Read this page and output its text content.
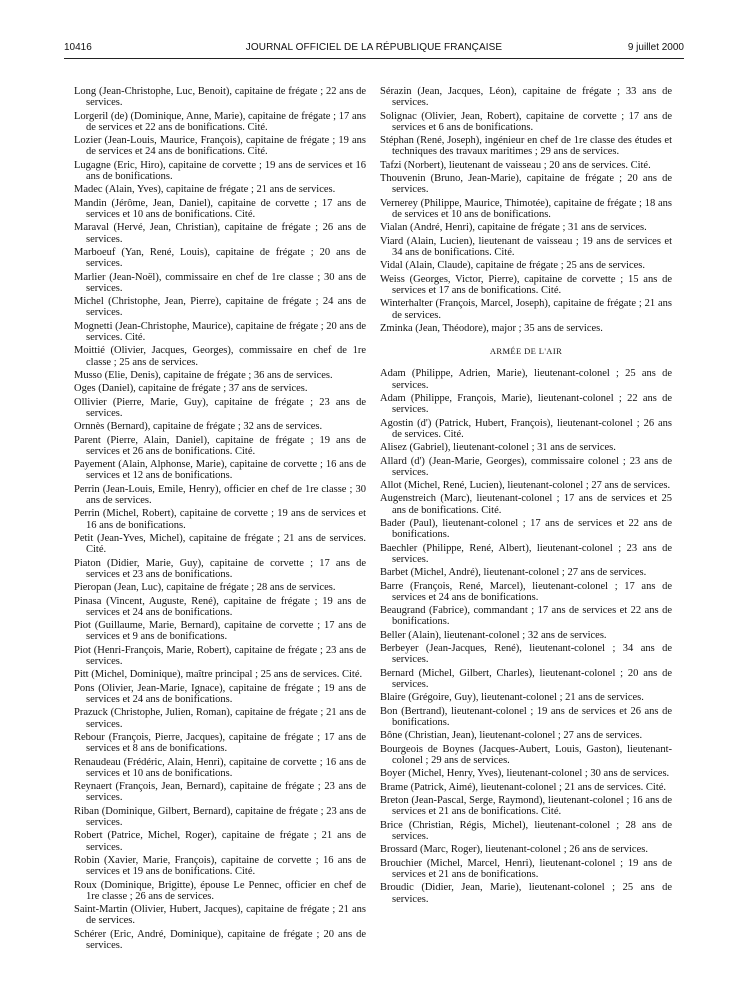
10416	JOURNAL OFFICIEL DE LA RÉPUBLIQUE FRANÇAISE	9 juillet 2000

Long (Jean-Christophe, Luc, Benoit), capitaine de frégate ; 22 ans de services.

Lorgeril (de) (Dominique, Anne, Marie), capitaine de frégate ; 17 ans de services et 22 ans de bonifications. Cité.

Lozier (Jean-Louis, Maurice, François), capitaine de frégate ; 19 ans de services et 24 ans de bonifications. Cité.

Lugagne (Eric, Hiro), capitaine de corvette ; 19 ans de services et 16 ans de bonifications.

Madec (Alain, Yves), capitaine de frégate ; 21 ans de services.

Mandin (Jérôme, Jean, Daniel), capitaine de corvette ; 17 ans de services et 10 ans de bonifications. Cité.

Maraval (Hervé, Jean, Christian), capitaine de frégate ; 26 ans de services.

Marboeuf (Yan, René, Louis), capitaine de frégate ; 20 ans de services.

Marlier (Jean-Noël), commissaire en chef de 1re classe ; 30 ans de services.

Michel (Christophe, Jean, Pierre), capitaine de frégate ; 24 ans de services.

Mognetti (Jean-Christophe, Maurice), capitaine de frégate ; 20 ans de services. Cité.

Moittié (Olivier, Jacques, Georges), commissaire en chef de 1re classe ; 25 ans de services.

Musso (Elie, Denis), capitaine de frégate ; 36 ans de services.

Oges (Daniel), capitaine de frégate ; 37 ans de services.

Ollivier (Pierre, Marie, Guy), capitaine de frégate ; 23 ans de services.

Ornnès (Bernard), capitaine de frégate ; 32 ans de services.

Parent (Pierre, Alain, Daniel), capitaine de frégate ; 19 ans de services et 26 ans de bonifications. Cité.

Payement (Alain, Alphonse, Marie), capitaine de corvette ; 16 ans de services et 12 ans de bonifications.

Perrin (Jean-Louis, Emile, Henry), officier en chef de 1re classe ; 30 ans de services.

Perrin (Michel, Robert), capitaine de corvette ; 19 ans de services et 16 ans de bonifications.

Petit (Jean-Yves, Michel), capitaine de frégate ; 21 ans de services. Cité.

Piaton (Didier, Marie, Guy), capitaine de corvette ; 17 ans de services et 23 ans de bonifications.

Pieropan (Jean, Luc), capitaine de frégate ; 28 ans de services.

Pinasa (Vincent, Auguste, René), capitaine de frégate ; 19 ans de services et 24 ans de bonifications.

Piot (Guillaume, Marie, Bernard), capitaine de corvette ; 17 ans de services et 9 ans de bonifications.

Piot (Henri-François, Marie, Robert), capitaine de frégate ; 23 ans de services.

Pitt (Michel, Dominique), maître principal ; 25 ans de services. Cité.

Pons (Olivier, Jean-Marie, Ignace), capitaine de frégate ; 19 ans de services et 24 ans de bonifications.

Prazuck (Christophe, Julien, Roman), capitaine de frégate ; 21 ans de services.

Rebour (François, Pierre, Jacques), capitaine de frégate ; 17 ans de services et 8 ans de bonifications.

Renaudeau (Frédéric, Alain, Henri), capitaine de corvette ; 16 ans de services et 10 ans de bonifications.

Reynaert (François, Jean, Bernard), capitaine de frégate ; 23 ans de services.

Riban (Dominique, Gilbert, Bernard), capitaine de frégate ; 23 ans de services.

Robert (Patrice, Michel, Roger), capitaine de frégate ; 21 ans de services.

Robin (Xavier, Marie, François), capitaine de corvette ; 16 ans de services et 19 ans de bonifications. Cité.

Roux (Dominique, Brigitte), épouse Le Pennec, officier en chef de 1re classe ; 26 ans de services.

Saint-Martin (Olivier, Hubert, Jacques), capitaine de frégate ; 21 ans de services.

Schérer (Eric, André, Dominique), capitaine de frégate ; 20 ans de services.

Sérazin (Jean, Jacques, Léon), capitaine de frégate ; 33 ans de services.

Solignac (Olivier, Jean, Robert), capitaine de corvette ; 17 ans de services et 6 ans de bonifications.

Stéphan (René, Joseph), ingénieur en chef de 1re classe des études et techniques des travaux maritimes ; 29 ans de services.

Tafzi (Norbert), lieutenant de vaisseau ; 20 ans de services. Cité.

Thouvenin (Bruno, Jean-Marie), capitaine de frégate ; 20 ans de services.

Vernerey (Philippe, Maurice, Thimotée), capitaine de frégate ; 18 ans de services et 10 ans de bonifications.

Vialan (André, Henri), capitaine de frégate ; 31 ans de services.

Viard (Alain, Lucien), lieutenant de vaisseau ; 19 ans de services et 34 ans de bonifications. Cité.

Vidal (Alain, Claude), capitaine de frégate ; 25 ans de services.

Weiss (Georges, Victor, Pierre), capitaine de corvette ; 15 ans de services et 17 ans de bonifications. Cité.

Winterhalter (François, Marcel, Joseph), capitaine de frégate ; 21 ans de services.

Zminka (Jean, Théodore), major ; 35 ans de services.

ARMÉE DE L'AIR

Adam (Philippe, Adrien, Marie), lieutenant-colonel ; 25 ans de services.

Adam (Philippe, François, Marie), lieutenant-colonel ; 22 ans de services.

Agostin (d') (Patrick, Hubert, François), lieutenant-colonel ; 26 ans de services. Cité.

Alisez (Gabriel), lieutenant-colonel ; 31 ans de services.

Allard (d') (Jean-Marie, Georges), commissaire colonel ; 23 ans de services.

Allot (Michel, René, Lucien), lieutenant-colonel ; 27 ans de services.

Augenstreich (Marc), lieutenant-colonel ; 17 ans de services et 25 ans de bonifications. Cité.

Bader (Paul), lieutenant-colonel ; 17 ans de services et 22 ans de bonifications.

Baechler (Philippe, René, Albert), lieutenant-colonel ; 23 ans de services.

Barbet (Michel, André), lieutenant-colonel ; 27 ans de services.

Barre (François, René, Marcel), lieutenant-colonel ; 17 ans de services et 24 ans de bonifications.

Beaugrand (Fabrice), commandant ; 17 ans de services et 22 ans de bonifications.

Beller (Alain), lieutenant-colonel ; 32 ans de services.

Berbeyer (Jean-Jacques, René), lieutenant-colonel ; 34 ans de services.

Bernard (Michel, Gilbert, Charles), lieutenant-colonel ; 20 ans de services.

Blaire (Grégoire, Guy), lieutenant-colonel ; 21 ans de services.

Bon (Bertrand), lieutenant-colonel ; 19 ans de services et 26 ans de bonifications.

Bône (Christian, Jean), lieutenant-colonel ; 27 ans de services.

Bourgeois de Boynes (Jacques-Aubert, Louis, Gaston), lieutenant-colonel ; 29 ans de services.

Boyer (Michel, Henry, Yves), lieutenant-colonel ; 30 ans de services.

Brame (Patrick, Aimé), lieutenant-colonel ; 21 ans de services. Cité.

Breton (Jean-Pascal, Serge, Raymond), lieutenant-colonel ; 16 ans de services et 21 ans de bonifications. Cité.

Brice (Christian, Régis, Michel), lieutenant-colonel ; 28 ans de services.

Brossard (Marc, Roger), lieutenant-colonel ; 26 ans de services.

Brouchier (Michel, Marcel, Henri), lieutenant-colonel ; 19 ans de services et 21 ans de bonifications.

Broudic (Didier, Jean, Marie), lieutenant-colonel ; 25 ans de services.
